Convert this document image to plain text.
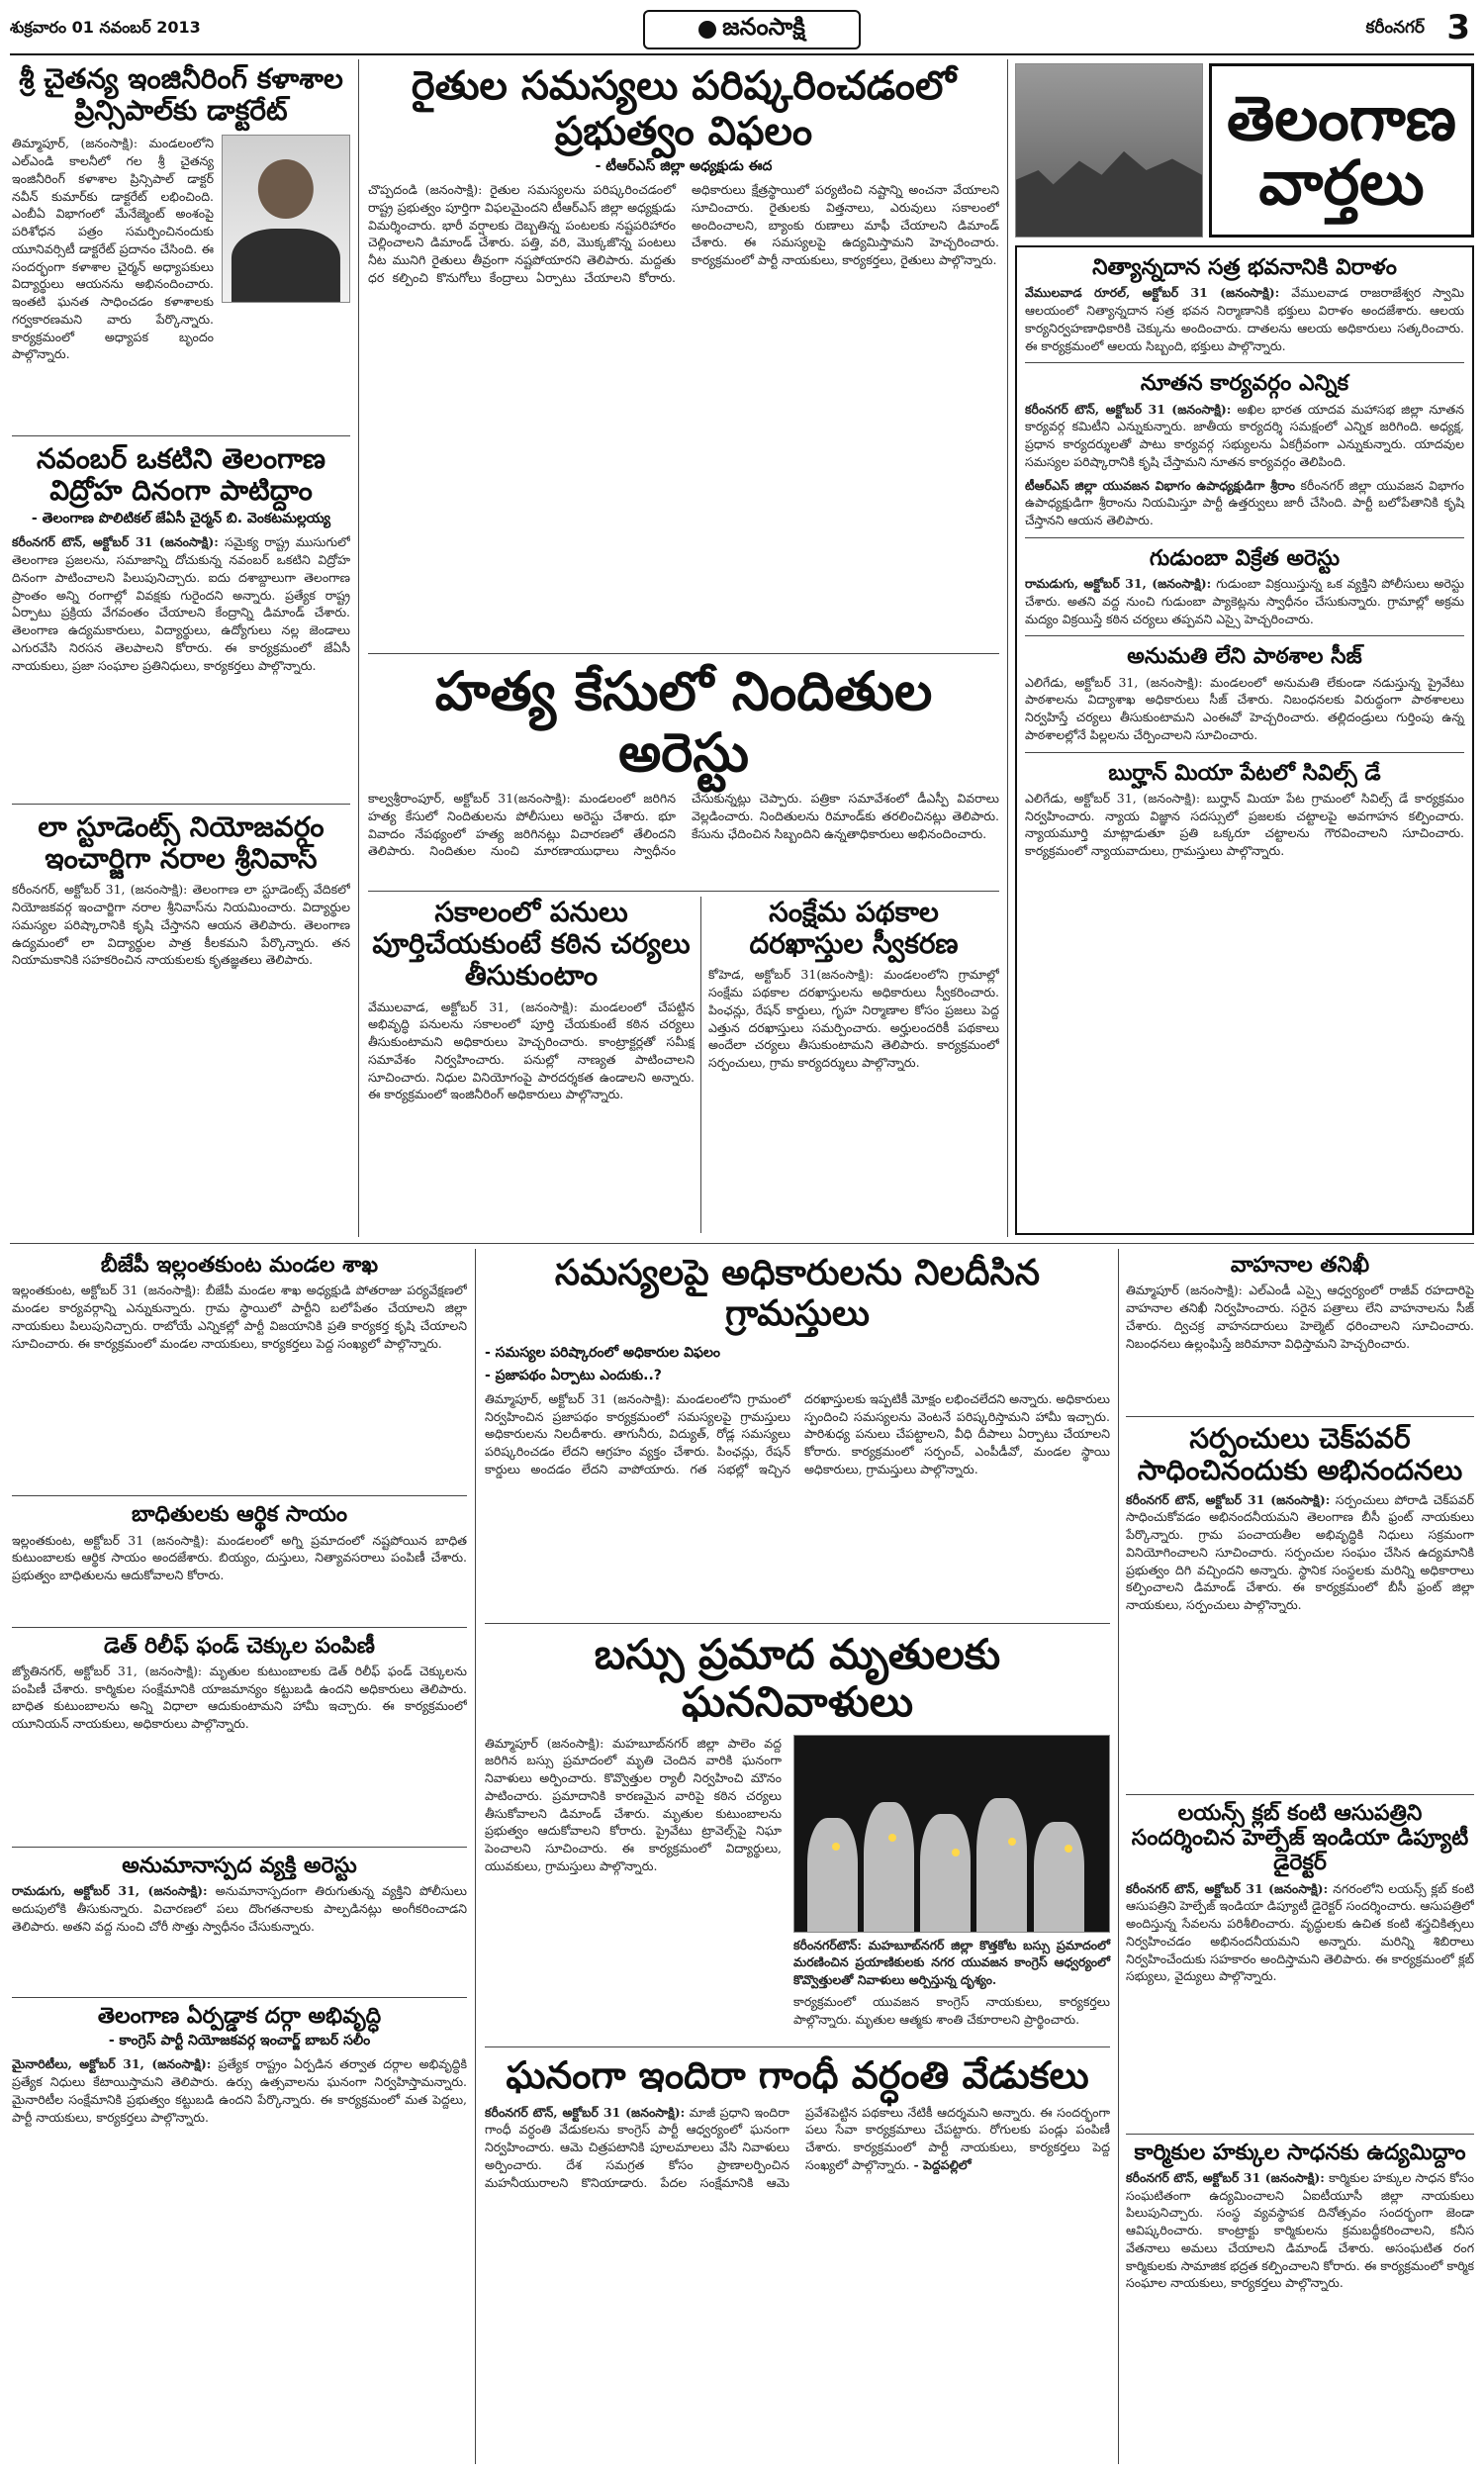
శుక్రవారం 01 నవంబర్ 2013	జనంసాక్షి	కరీంనగర్ 3
శ్రీ చైతన్య ఇంజినీరింగ్ కళాశాల ప్రిన్సిపాల్‌కు డాక్టరేట్
తిమ్మాపూర్, (జనంసాక్షి): మండలంలోని ఎల్‌ఎండి కాలనీలో గల శ్రీ చైతన్య ఇంజినీరింగ్ కళాశాల ప్రిన్సిపాల్ డాక్టర్ నవీన్ కుమార్‌కు డాక్టరేట్ లభించింది. ఎంబీఏ విభాగంలో మేనేజ్మెంట్ అంశంపై పరిశోధన పత్రం సమర్పించినందుకు యూనివర్సిటీ డాక్టరేట్ ప్రదానం చేసింది. ఈ సందర్భంగా కళాశాల చైర్మన్ అధ్యాపకులు విద్యార్థులు ఆయనను అభినందించారు. ఇంతటి ఘనత సాధించడం కళాశాలకు గర్వకారణమని వారు పేర్కొన్నారు. కార్యక్రమంలో అధ్యాపక బృందం పాల్గొన్నారు.
నవంబర్ ఒకటిని తెలంగాణ విద్రోహ దినంగా పాటిద్దాం
- తెలంగాణ పొలిటికల్ జేఏసీ చైర్మన్ బి. వెంకటమల్లయ్య
కరీంనగర్ టౌన్, అక్టోబర్ 31 (జనంసాక్షి): సమైక్య రాష్ట్ర ముసుగులో తెలంగాణ ప్రజలను, సమాజాన్ని దోచుకున్న నవంబర్ ఒకటిని విద్రోహ దినంగా పాటించాలని పిలుపునిచ్చారు. ఐదు దశాబ్దాలుగా తెలంగాణ ప్రాంతం అన్ని రంగాల్లో వివక్షకు గురైందని అన్నారు. ప్రత్యేక రాష్ట్ర ఏర్పాటు ప్రక్రియ వేగవంతం చేయాలని కేంద్రాన్ని డిమాండ్ చేశారు. తెలంగాణ ఉద్యమకారులు, విద్యార్థులు, ఉద్యోగులు నల్ల జెండాలు ఎగురవేసి నిరసన తెలపాలని కోరారు. ఈ కార్యక్రమంలో జేఏసీ నాయకులు, ప్రజా సంఘాల ప్రతినిధులు, కార్యకర్తలు పాల్గొన్నారు.
లా స్టూడెంట్స్ నియోజవర్గం ఇంచార్జిగా నరాల శ్రీనివాస్
కరీంనగర్, అక్టోబర్ 31, (జనంసాక్షి): తెలంగాణ లా స్టూడెంట్స్ వేదికలో నియోజకవర్గ ఇంచార్జిగా నరాల శ్రీనివాస్‌ను నియమించారు. విద్యార్థుల సమస్యల పరిష్కారానికి కృషి చేస్తానని ఆయన తెలిపారు. తెలంగాణ ఉద్యమంలో లా విద్యార్థుల పాత్ర కీలకమని పేర్కొన్నారు. తన నియామకానికి సహకరించిన నాయకులకు కృతజ్ఞతలు తెలిపారు.
రైతుల సమస్యలు పరిష్కరించడంలో ప్రభుత్వం విఫలం
- టీఆర్ఎస్ జిల్లా అధ్యక్షుడు ఈద
చొప్పదండి (జనంసాక్షి): రైతుల సమస్యలను పరిష్కరించడంలో రాష్ట్ర ప్రభుత్వం పూర్తిగా విఫలమైందని టీఆర్ఎస్ జిల్లా అధ్యక్షుడు విమర్శించారు. భారీ వర్షాలకు దెబ్బతిన్న పంటలకు నష్టపరిహారం చెల్లించాలని డిమాండ్ చేశారు. పత్తి, వరి, మొక్కజొన్న పంటలు నీట మునిగి రైతులు తీవ్రంగా నష్టపోయారని తెలిపారు. మద్దతు ధర కల్పించి కొనుగోలు కేంద్రాలు ఏర్పాటు చేయాలని కోరారు. అధికారులు క్షేత్రస్థాయిలో పర్యటించి నష్టాన్ని అంచనా వేయాలని సూచించారు. రైతులకు విత్తనాలు, ఎరువులు సకాలంలో అందించాలని, బ్యాంకు రుణాలు మాఫీ చేయాలని డిమాండ్ చేశారు. ఈ సమస్యలపై ఉద్యమిస్తామని హెచ్చరించారు. కార్యక్రమంలో పార్టీ నాయకులు, కార్యకర్తలు, రైతులు పాల్గొన్నారు.
హత్య కేసులో నిందితుల అరెస్టు
కాల్వశ్రీరాంపూర్, అక్టోబర్ 31(జనంసాక్షి): మండలంలో జరిగిన హత్య కేసులో నిందితులను పోలీసులు అరెస్టు చేశారు. భూ వివాదం నేపథ్యంలో హత్య జరిగినట్లు విచారణలో తేలిందని తెలిపారు. నిందితుల నుంచి మారణాయుధాలు స్వాధీనం చేసుకున్నట్లు చెప్పారు. పత్రికా సమావేశంలో డీఎస్పీ వివరాలు వెల్లడించారు. నిందితులను రిమాండ్‌కు తరలించినట్లు తెలిపారు. కేసును ఛేదించిన సిబ్బందిని ఉన్నతాధికారులు అభినందించారు.
సకాలంలో పనులు పూర్తిచేయకుంటే కఠిన చర్యలు తీసుకుంటాం
వేములవాడ, అక్టోబర్ 31, (జనంసాక్షి): మండలంలో చేపట్టిన అభివృద్ధి పనులను సకాలంలో పూర్తి చేయకుంటే కఠిన చర్యలు తీసుకుంటామని అధికారులు హెచ్చరించారు. కాంట్రాక్టర్లతో సమీక్ష సమావేశం నిర్వహించారు. పనుల్లో నాణ్యత పాటించాలని సూచించారు. నిధుల వినియోగంపై పారదర్శకత ఉండాలని అన్నారు. ఈ కార్యక్రమంలో ఇంజినీరింగ్ అధికారులు పాల్గొన్నారు.
సంక్షేమ పథకాల దరఖాస్తుల స్వీకరణ
కోహెడ, అక్టోబర్ 31(జనంసాక్షి): మండలంలోని గ్రామాల్లో సంక్షేమ పథకాల దరఖాస్తులను అధికారులు స్వీకరించారు. పింఛన్లు, రేషన్ కార్డులు, గృహ నిర్మాణాల కోసం ప్రజలు పెద్ద ఎత్తున దరఖాస్తులు సమర్పించారు. అర్హులందరికీ పథకాలు అందేలా చర్యలు తీసుకుంటామని తెలిపారు. కార్యక్రమంలో సర్పంచులు, గ్రామ కార్యదర్శులు పాల్గొన్నారు.
తెలంగాణ
వార్తలు
నిత్యాన్నదాన సత్ర భవనానికి విరాళం
వేములవాడ రూరల్, అక్టోబర్ 31 (జనంసాక్షి): వేములవాడ రాజరాజేశ్వర స్వామి ఆలయంలో నిత్యాన్నదాన సత్ర భవన నిర్మాణానికి భక్తులు విరాళం అందజేశారు. ఆలయ కార్యనిర్వహణాధికారికి చెక్కును అందించారు. దాతలను ఆలయ అధికారులు సత్కరించారు. ఈ కార్యక్రమంలో ఆలయ సిబ్బంది, భక్తులు పాల్గొన్నారు.
నూతన కార్యవర్గం ఎన్నిక
కరీంనగర్ టౌన్, అక్టోబర్ 31 (జనంసాక్షి): అఖిల భారత యాదవ మహాసభ జిల్లా నూతన కార్యవర్గ కమిటీని ఎన్నుకున్నారు. జాతీయ కార్యదర్శి సమక్షంలో ఎన్నిక జరిగింది. అధ్యక్ష, ప్రధాన కార్యదర్శులతో పాటు కార్యవర్గ సభ్యులను ఏకగ్రీవంగా ఎన్నుకున్నారు. యాదవుల సమస్యల పరిష్కారానికి కృషి చేస్తామని నూతన కార్యవర్గం తెలిపింది.
టీఆర్ఎస్ జిల్లా యువజన విభాగం ఉపాధ్యక్షుడిగా శ్రీరాం కరీంనగర్ జిల్లా యువజన విభాగం ఉపాధ్యక్షుడిగా శ్రీరాంను నియమిస్తూ పార్టీ ఉత్తర్వులు జారీ చేసింది. పార్టీ బలోపేతానికి కృషి చేస్తానని ఆయన తెలిపారు.
గుడుంబా విక్రేత అరెస్టు
రామడుగు, అక్టోబర్ 31, (జనంసాక్షి): గుడుంబా విక్రయిస్తున్న ఒక వ్యక్తిని పోలీసులు అరెస్టు చేశారు. అతని వద్ద నుంచి గుడుంబా ప్యాకెట్లను స్వాధీనం చేసుకున్నారు. గ్రామాల్లో అక్రమ మద్యం విక్రయిస్తే కఠిన చర్యలు తప్పవని ఎస్సై హెచ్చరించారు.
అనుమతి లేని పాఠశాల సీజ్
ఎలిగేడు, అక్టోబర్ 31, (జనంసాక్షి): మండలంలో అనుమతి లేకుండా నడుస్తున్న ప్రైవేటు పాఠశాలను విద్యాశాఖ అధికారులు సీజ్ చేశారు. నిబంధనలకు విరుద్ధంగా పాఠశాలలు నిర్వహిస్తే చర్యలు తీసుకుంటామని ఎంఈవో హెచ్చరించారు. తల్లిదండ్రులు గుర్తింపు ఉన్న పాఠశాలల్లోనే పిల్లలను చేర్పించాలని సూచించారు.
బుర్హాన్ మియా పేటలో సివిల్స్ డే
ఎలిగేడు, అక్టోబర్ 31, (జనంసాక్షి): బుర్హాన్ మియా పేట గ్రామంలో సివిల్స్ డే కార్యక్రమం నిర్వహించారు. న్యాయ విజ్ఞాన సదస్సులో ప్రజలకు చట్టాలపై అవగాహన కల్పించారు. న్యాయమూర్తి మాట్లాడుతూ ప్రతి ఒక్కరూ చట్టాలను గౌరవించాలని సూచించారు. కార్యక్రమంలో న్యాయవాదులు, గ్రామస్తులు పాల్గొన్నారు.
బీజేపీ ఇల్లంతకుంట మండల శాఖ
ఇల్లంతకుంట, అక్టోబర్ 31 (జనంసాక్షి): బీజేపీ మండల శాఖ అధ్యక్షుడి పోతరాజు పర్యవేక్షణలో మండల కార్యవర్గాన్ని ఎన్నుకున్నారు. గ్రామ స్థాయిలో పార్టీని బలోపేతం చేయాలని జిల్లా నాయకులు పిలుపునిచ్చారు. రాబోయే ఎన్నికల్లో పార్టీ విజయానికి ప్రతి కార్యకర్త కృషి చేయాలని సూచించారు. ఈ కార్యక్రమంలో మండల నాయకులు, కార్యకర్తలు పెద్ద సంఖ్యలో పాల్గొన్నారు.
బాధితులకు ఆర్థిక సాయం
ఇల్లంతకుంట, అక్టోబర్ 31 (జనంసాక్షి): మండలంలో అగ్ని ప్రమాదంలో నష్టపోయిన బాధిత కుటుంబాలకు ఆర్థిక సాయం అందజేశారు. బియ్యం, దుస్తులు, నిత్యావసరాలు పంపిణీ చేశారు. ప్రభుత్వం బాధితులను ఆదుకోవాలని కోరారు.
డెత్ రిలీఫ్ ఫండ్ చెక్కుల పంపిణీ
జ్యోతినగర్, అక్టోబర్ 31, (జనంసాక్షి): మృతుల కుటుంబాలకు డెత్ రిలీఫ్ ఫండ్ చెక్కులను పంపిణీ చేశారు. కార్మికుల సంక్షేమానికి యాజమాన్యం కట్టుబడి ఉందని అధికారులు తెలిపారు. బాధిత కుటుంబాలను అన్ని విధాలా ఆదుకుంటామని హామీ ఇచ్చారు. ఈ కార్యక్రమంలో యూనియన్ నాయకులు, అధికారులు పాల్గొన్నారు.
అనుమానాస్పద వ్యక్తి అరెస్టు
రామడుగు, అక్టోబర్ 31, (జనంసాక్షి): అనుమానాస్పదంగా తిరుగుతున్న వ్యక్తిని పోలీసులు అదుపులోకి తీసుకున్నారు. విచారణలో పలు దొంగతనాలకు పాల్పడినట్లు అంగీకరించాడని తెలిపారు. అతని వద్ద నుంచి చోరీ సొత్తు స్వాధీనం చేసుకున్నారు.
తెలంగాణ ఏర్పడ్డాక దర్గా అభివృద్ధి
- కాంగ్రెస్ పార్టీ నియోజకవర్గ ఇంచార్జ్ బాబర్ సలీం
మైనారిటీలు, అక్టోబర్ 31, (జనంసాక్షి): ప్రత్యేక రాష్ట్రం ఏర్పడిన తర్వాత దర్గాల అభివృద్ధికి ప్రత్యేక నిధులు కేటాయిస్తామని తెలిపారు. ఉర్సు ఉత్సవాలను ఘనంగా నిర్వహిస్తామన్నారు. మైనారిటీల సంక్షేమానికి ప్రభుత్వం కట్టుబడి ఉందని పేర్కొన్నారు. ఈ కార్యక్రమంలో మత పెద్దలు, పార్టీ నాయకులు, కార్యకర్తలు పాల్గొన్నారు.
సమస్యలపై అధికారులను నిలదీసిన గ్రామస్తులు
- సమస్యల పరిష్కారంలో అధికారుల విఫలం
- ప్రజాపథం ఏర్పాటు ఎందుకు..?
తిమ్మాపూర్, అక్టోబర్ 31 (జనంసాక్షి): మండలంలోని గ్రామంలో నిర్వహించిన ప్రజాపథం కార్యక్రమంలో సమస్యలపై గ్రామస్తులు అధికారులను నిలదీశారు. తాగునీరు, విద్యుత్, రోడ్ల సమస్యలు పరిష్కరించడం లేదని ఆగ్రహం వ్యక్తం చేశారు. పింఛన్లు, రేషన్ కార్డులు అందడం లేదని వాపోయారు. గత సభల్లో ఇచ్చిన దరఖాస్తులకు ఇప్పటికీ మోక్షం లభించలేదని అన్నారు. అధికారులు స్పందించి సమస్యలను వెంటనే పరిష్కరిస్తామని హామీ ఇచ్చారు. పారిశుధ్య పనులు చేపట్టాలని, వీధి దీపాలు ఏర్పాటు చేయాలని కోరారు. కార్యక్రమంలో సర్పంచ్, ఎంపీడీవో, మండల స్థాయి అధికారులు, గ్రామస్తులు పాల్గొన్నారు.
బస్సు ప్రమాద మృతులకు ఘననివాళులు
తిమ్మాపూర్ (జనంసాక్షి): మహబూబ్‌నగర్ జిల్లా పాలెం వద్ద జరిగిన బస్సు ప్రమాదంలో మృతి చెందిన వారికి ఘనంగా నివాళులు అర్పించారు. కొవ్వొత్తుల ర్యాలీ నిర్వహించి మౌనం పాటించారు. ప్రమాదానికి కారణమైన వారిపై కఠిన చర్యలు తీసుకోవాలని డిమాండ్ చేశారు. మృతుల కుటుంబాలను ప్రభుత్వం ఆదుకోవాలని కోరారు. ప్రైవేటు ట్రావెల్స్‌పై నిఘా పెంచాలని సూచించారు. ఈ కార్యక్రమంలో విద్యార్థులు, యువకులు, గ్రామస్తులు పాల్గొన్నారు.
కరీంనగర్‌టౌన్: మహబూబ్‌నగర్ జిల్లా కొత్తకోట బస్సు ప్రమాదంలో మరణించిన ప్రయాణికులకు నగర యువజన కాంగ్రెస్ ఆధ్వర్యంలో కొవ్వొత్తులతో నివాళులు అర్పిస్తున్న దృశ్యం.
కార్యక్రమంలో యువజన కాంగ్రెస్ నాయకులు, కార్యకర్తలు పాల్గొన్నారు. మృతుల ఆత్మకు శాంతి చేకూరాలని ప్రార్థించారు.
ఘనంగా ఇందిరా గాంధీ వర్ధంతి వేడుకలు
కరీంనగర్ టౌన్, అక్టోబర్ 31 (జనంసాక్షి): మాజీ ప్రధాని ఇందిరా గాంధీ వర్ధంతి వేడుకలను కాంగ్రెస్ పార్టీ ఆధ్వర్యంలో ఘనంగా నిర్వహించారు. ఆమె చిత్రపటానికి పూలమాలలు వేసి నివాళులు అర్పించారు. దేశ సమగ్రత కోసం ప్రాణాలర్పించిన మహనీయురాలని కొనియాడారు. పేదల సంక్షేమానికి ఆమె ప్రవేశపెట్టిన పథకాలు నేటికీ ఆదర్శమని అన్నారు. ఈ సందర్భంగా పలు సేవా కార్యక్రమాలు చేపట్టారు. రోగులకు పండ్లు పంపిణీ చేశారు. కార్యక్రమంలో పార్టీ నాయకులు, కార్యకర్తలు పెద్ద సంఖ్యలో పాల్గొన్నారు. - పెద్దపల్లిలో
వాహనాల తనిఖీ
తిమ్మాపూర్ (జనంసాక్షి): ఎల్ఎండీ ఎస్సై ఆధ్వర్యంలో రాజీవ్ రహదారిపై వాహనాల తనిఖీ నిర్వహించారు. సరైన పత్రాలు లేని వాహనాలను సీజ్ చేశారు. ద్విచక్ర వాహనదారులు హెల్మెట్ ధరించాలని సూచించారు. నిబంధనలు ఉల్లంఘిస్తే జరిమానా విధిస్తామని హెచ్చరించారు.
సర్పంచులు చెక్‌పవర్ సాధించినందుకు అభినందనలు
కరీంనగర్ టౌన్, అక్టోబర్ 31 (జనంసాక్షి): సర్పంచులు పోరాడి చెక్‌పవర్ సాధించుకోవడం అభినందనీయమని తెలంగాణ బీసీ ఫ్రంట్ నాయకులు పేర్కొన్నారు. గ్రామ పంచాయతీల అభివృద్ధికి నిధులు సక్రమంగా వినియోగించాలని సూచించారు. సర్పంచుల సంఘం చేసిన ఉద్యమానికి ప్రభుత్వం దిగి వచ్చిందని అన్నారు. స్థానిక సంస్థలకు మరిన్ని అధికారాలు కల్పించాలని డిమాండ్ చేశారు. ఈ కార్యక్రమంలో బీసీ ఫ్రంట్ జిల్లా నాయకులు, సర్పంచులు పాల్గొన్నారు.
లయన్స్ క్లబ్ కంటి ఆసుపత్రిని సందర్శించిన హెల్పేజ్ ఇండియా డిప్యూటీ డైరెక్టర్
కరీంనగర్ టౌన్, అక్టోబర్ 31 (జనంసాక్షి): నగరంలోని లయన్స్ క్లబ్ కంటి ఆసుపత్రిని హెల్పేజ్ ఇండియా డిప్యూటీ డైరెక్టర్ సందర్శించారు. ఆసుపత్రిలో అందిస్తున్న సేవలను పరిశీలించారు. వృద్ధులకు ఉచిత కంటి శస్త్రచికిత్సలు నిర్వహించడం అభినందనీయమని అన్నారు. మరిన్ని శిబిరాలు నిర్వహించేందుకు సహకారం అందిస్తామని తెలిపారు. ఈ కార్యక్రమంలో క్లబ్ సభ్యులు, వైద్యులు పాల్గొన్నారు.
కార్మికుల హక్కుల సాధనకు ఉద్యమిద్దాం
కరీంనగర్ టౌన్, అక్టోబర్ 31 (జనంసాక్షి): కార్మికుల హక్కుల సాధన కోసం సంఘటితంగా ఉద్యమించాలని ఏఐటీయూసీ జిల్లా నాయకులు పిలుపునిచ్చారు. సంస్థ వ్యవస్థాపక దినోత్సవం సందర్భంగా జెండా ఆవిష్కరించారు. కాంట్రాక్టు కార్మికులను క్రమబద్ధీకరించాలని, కనీస వేతనాలు అమలు చేయాలని డిమాండ్ చేశారు. అసంఘటిత రంగ కార్మికులకు సామాజిక భద్రత కల్పించాలని కోరారు. ఈ కార్యక్రమంలో కార్మిక సంఘాల నాయకులు, కార్యకర్తలు పాల్గొన్నారు.
